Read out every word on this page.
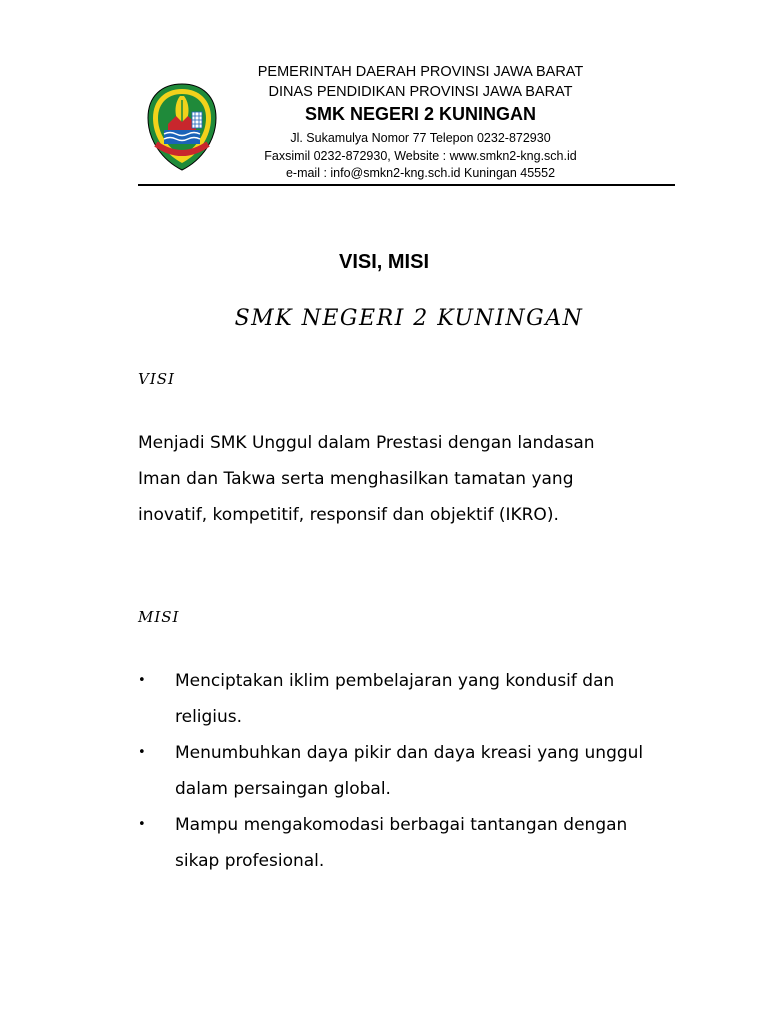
PEMERINTAH DAERAH PROVINSI JAWA BARAT
DINAS PENDIDIKAN PROVINSI JAWA BARAT
SMK NEGERI 2 KUNINGAN
Jl. Sukamulya Nomor 77 Telepon 0232-872930
Faxsimil 0232-872930, Website : www.smkn2-kng.sch.id
e-mail : info@smkn2-kng.sch.id Kuningan 45552
VISI, MISI
SMK NEGERI 2 KUNINGAN
VISI
Menjadi SMK Unggul dalam Prestasi dengan landasan
Iman dan Takwa serta menghasilkan tamatan yang
inovatif, kompetitif, responsif dan objektif (IKRO).
MISI
• Menciptakan iklim pembelajaran yang kondusif dan
religius.
• Menumbuhkan daya pikir dan daya kreasi yang unggul
dalam persaingan global.
• Mampu mengakomodasi berbagai tantangan dengan
sikap profesional.
